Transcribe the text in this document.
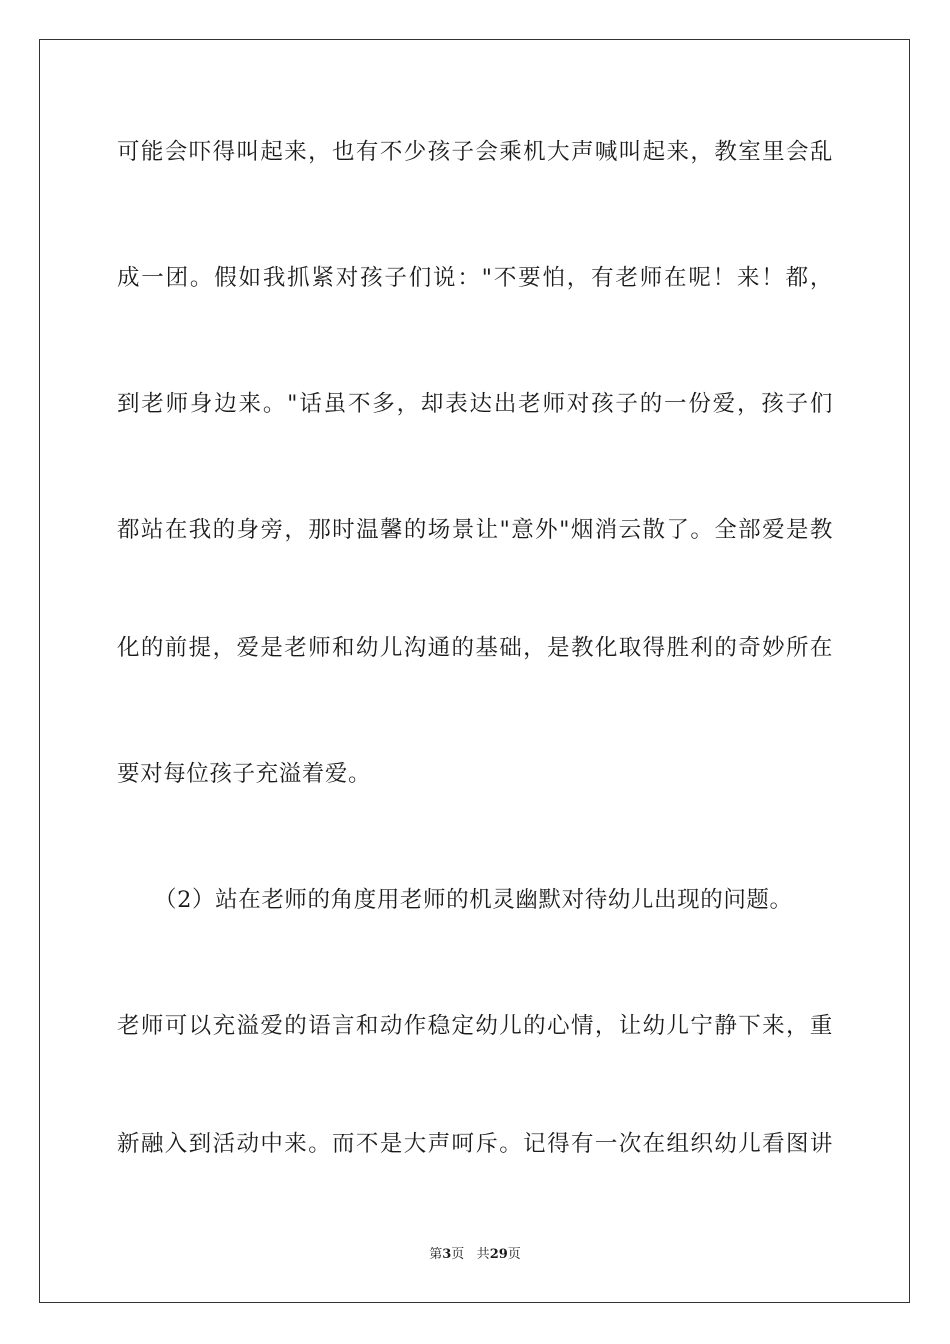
可能会吓得叫起来，也有不少孩子会乘机大声喊叫起来，教室里会乱
成一团。假如我抓紧对孩子们说："不要怕，有老师在呢！来！都，
到老师身边来。"话虽不多，却表达出老师对孩子的一份爱，孩子们
都站在我的身旁，那时温馨的场景让"意外"烟消云散了。全部爱是教
化的前提，爱是老师和幼儿沟通的基础，是教化取得胜利的奇妙所在
要对每位孩子充溢着爱。
（2）站在老师的角度用老师的机灵幽默对待幼儿出现的问题。
老师可以充溢爱的语言和动作稳定幼儿的心情，让幼儿宁静下来，重
新融入到活动中来。而不是大声呵斥。记得有一次在组织幼儿看图讲
第3页 共29页
